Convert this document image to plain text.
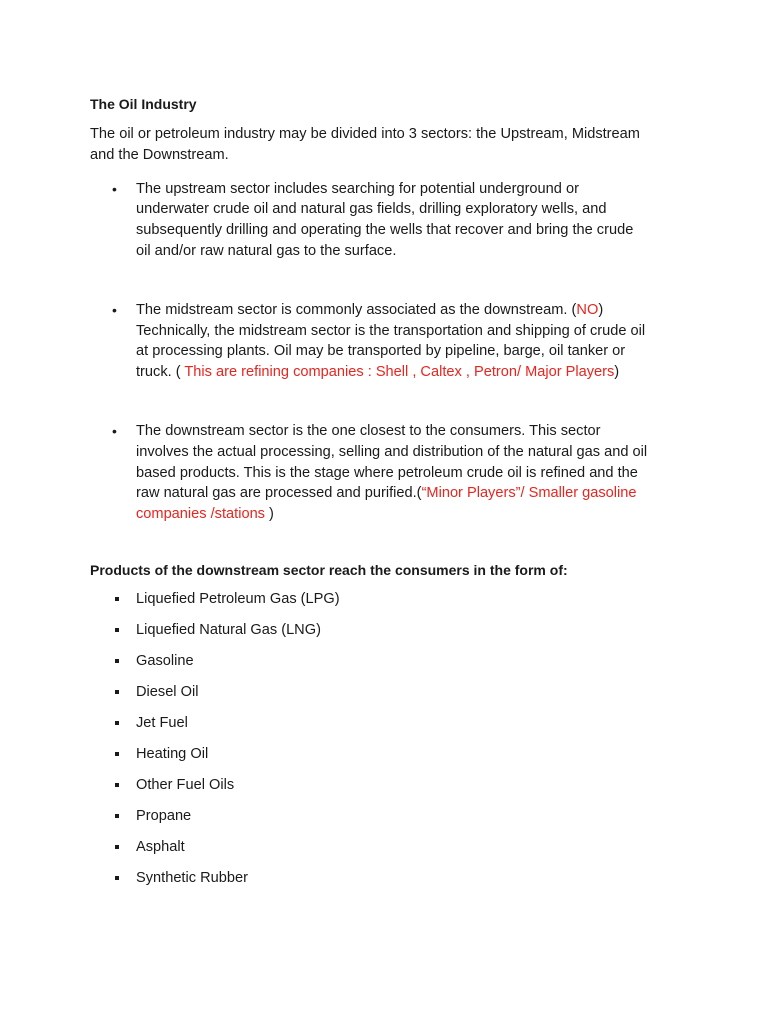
The Oil Industry

The oil or petroleum industry may be divided into 3 sectors: the Upstream, Midstream and the Downstream.

• The upstream sector includes searching for potential underground or underwater crude oil and natural gas fields, drilling exploratory wells, and subsequently drilling and operating the wells that recover and bring the crude oil and/or raw natural gas to the surface.
• The midstream sector is commonly associated as the downstream. (NO) Technically, the midstream sector is the transportation and shipping of crude oil at processing plants. Oil may be transported by pipeline, barge, oil tanker or truck. ( This are refining companies : Shell , Caltex , Petron/ Major Players)
• The downstream sector is the one closest to the consumers. This sector involves the actual processing, selling and distribution of the natural gas and oil based products. This is the stage where petroleum crude oil is refined and the raw natural gas are processed and purified.(“Minor Players”/ Smaller gasoline companies /stations )
Products of the downstream sector reach the consumers in the form of:
Liquefied Petroleum Gas (LPG)
Liquefied Natural Gas (LNG)
Gasoline
Diesel Oil
Jet Fuel
Heating Oil
Other Fuel Oils
Propane
Asphalt
Synthetic Rubber
